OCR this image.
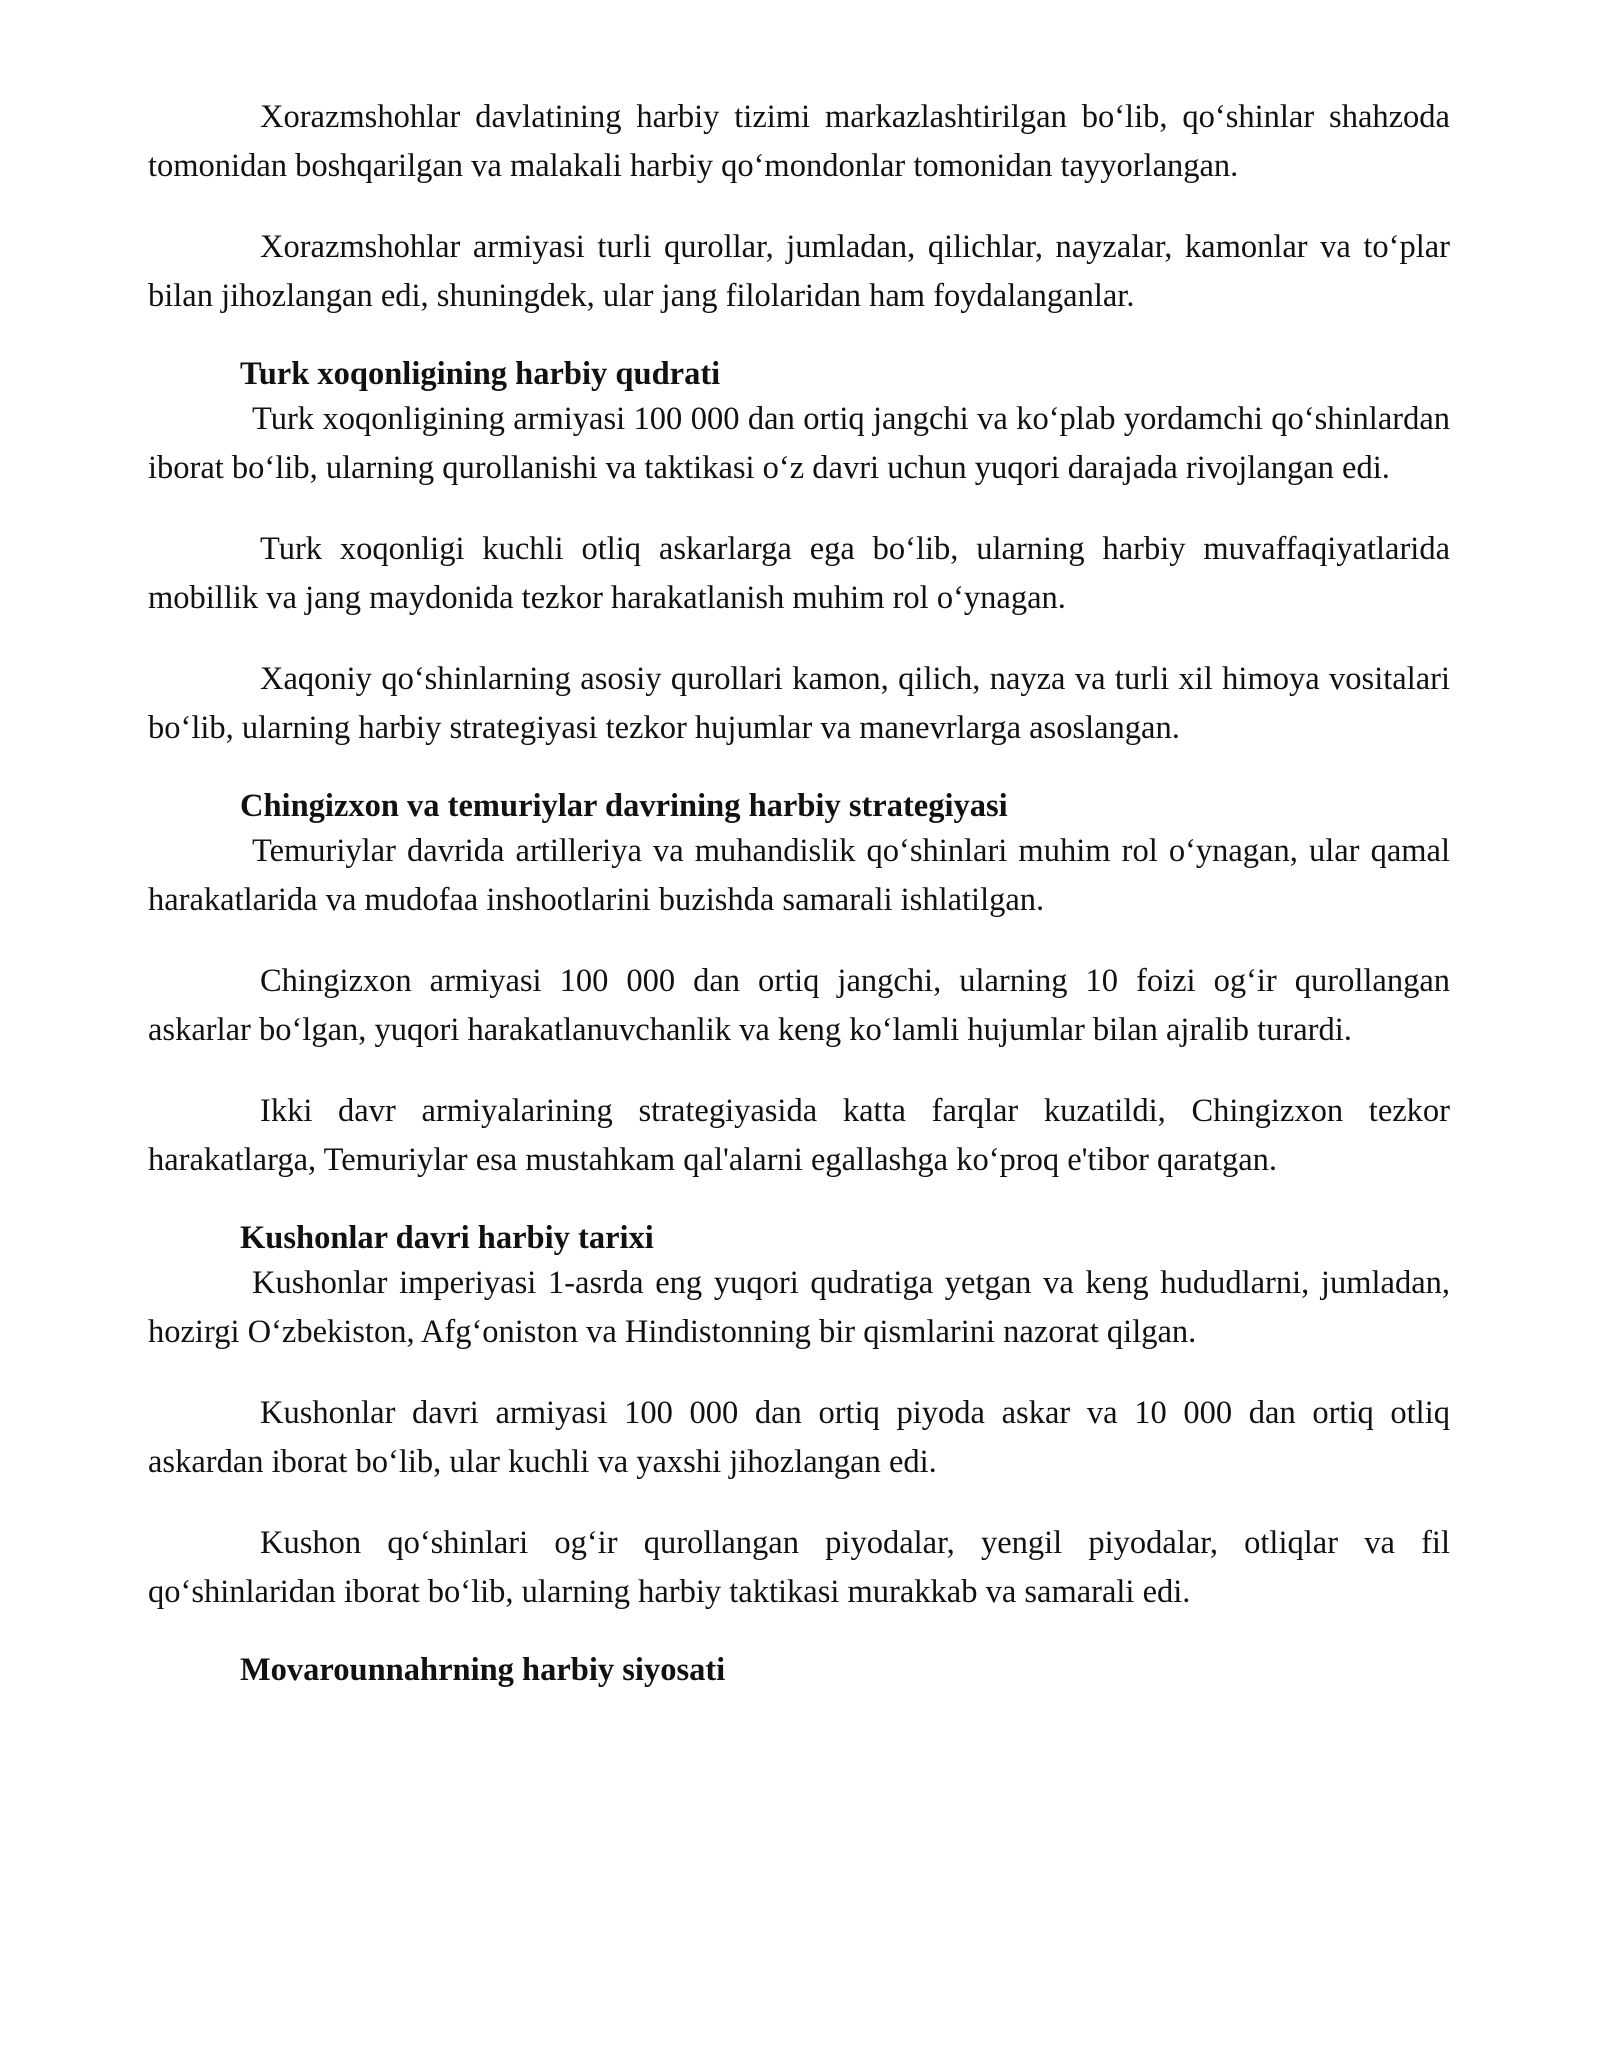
Xorazmshohlar davlatining harbiy tizimi markazlashtirilgan boʻlib, qoʻshinlar shahzoda tomonidan boshqarilgan va malakali harbiy qoʻmondonlar tomonidan tayyorlangan.

Xorazmshohlar armiyasi turli qurollar, jumladan, qilichlar, nayzalar, kamonlar va toʻplar bilan jihozlangan edi, shuningdek, ular jang filolaridan ham foydalanganlar.

Turk xoqonligining harbiy qudrati

Turk xoqonligining armiyasi 100 000 dan ortiq jangchi va koʻplab yordamchi qoʻshinlardan iborat boʻlib, ularning qurollanishi va taktikasi oʻz davri uchun yuqori darajada rivojlangan edi.

Turk xoqonligi kuchli otliq askarlarga ega boʻlib, ularning harbiy muvaffaqiyatlarida mobillik va jang maydonida tezkor harakatlanish muhim rol oʻynagan.

Xaqoniy qoʻshinlarning asosiy qurollari kamon, qilich, nayza va turli xil himoya vositalari boʻlib, ularning harbiy strategiyasi tezkor hujumlar va manevrlarga asoslangan.

Chingizxon va temuriylar davrining harbiy strategiyasi

Temuriylar davrida artilleriya va muhandislik qoʻshinlari muhim rol oʻynagan, ular qamal harakatlarida va mudofaa inshootlarini buzishda samarali ishlatilgan.

Chingizxon armiyasi 100 000 dan ortiq jangchi, ularning 10 foizi ogʻir qurollangan askarlar boʻlgan, yuqori harakatlanuvchanlik va keng koʻlamli hujumlar bilan ajralib turardi.

Ikki davr armiyalarining strategiyasida katta farqlar kuzatildi, Chingizxon tezkor harakatlarga, Temuriylar esa mustahkam qal'alarni egallashga koʻproq e'tibor qaratgan.

Kushonlar davri harbiy tarixi

Kushonlar imperiyasi 1-asrda eng yuqori qudratiga yetgan va keng hududlarni, jumladan, hozirgi Oʻzbekiston, Afgʻoniston va Hindistonning bir qismlarini nazorat qilgan.

Kushonlar davri armiyasi 100 000 dan ortiq piyoda askar va 10 000 dan ortiq otliq askardan iborat boʻlib, ular kuchli va yaxshi jihozlangan edi.

Kushon qoʻshinlari ogʻir qurollangan piyodalar, yengil piyodalar, otliqlar va fil qoʻshinlaridan iborat boʻlib, ularning harbiy taktikasi murakkab va samarali edi.

Movarounnahrning harbiy siyosati
